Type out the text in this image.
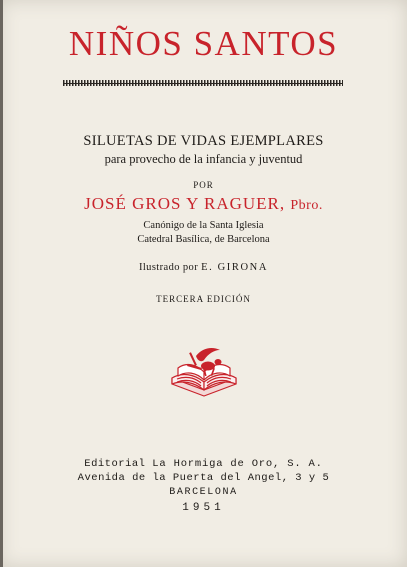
NIÑOS SANTOS
SILUETAS DE VIDAS EJEMPLARES
para provecho de la infancia y juventud
POR
JOSÉ GROS Y RAGUER, Pbro.
Canónigo de la Santa Iglesia
Catedral Basílica, de Barcelona
Ilustrado por E. GIRONA
TERCERA EDICIÓN
Editorial La Hormiga de Oro, S. A.
Avenida de la Puerta del Angel, 3 y 5
BARCELONA
1951
